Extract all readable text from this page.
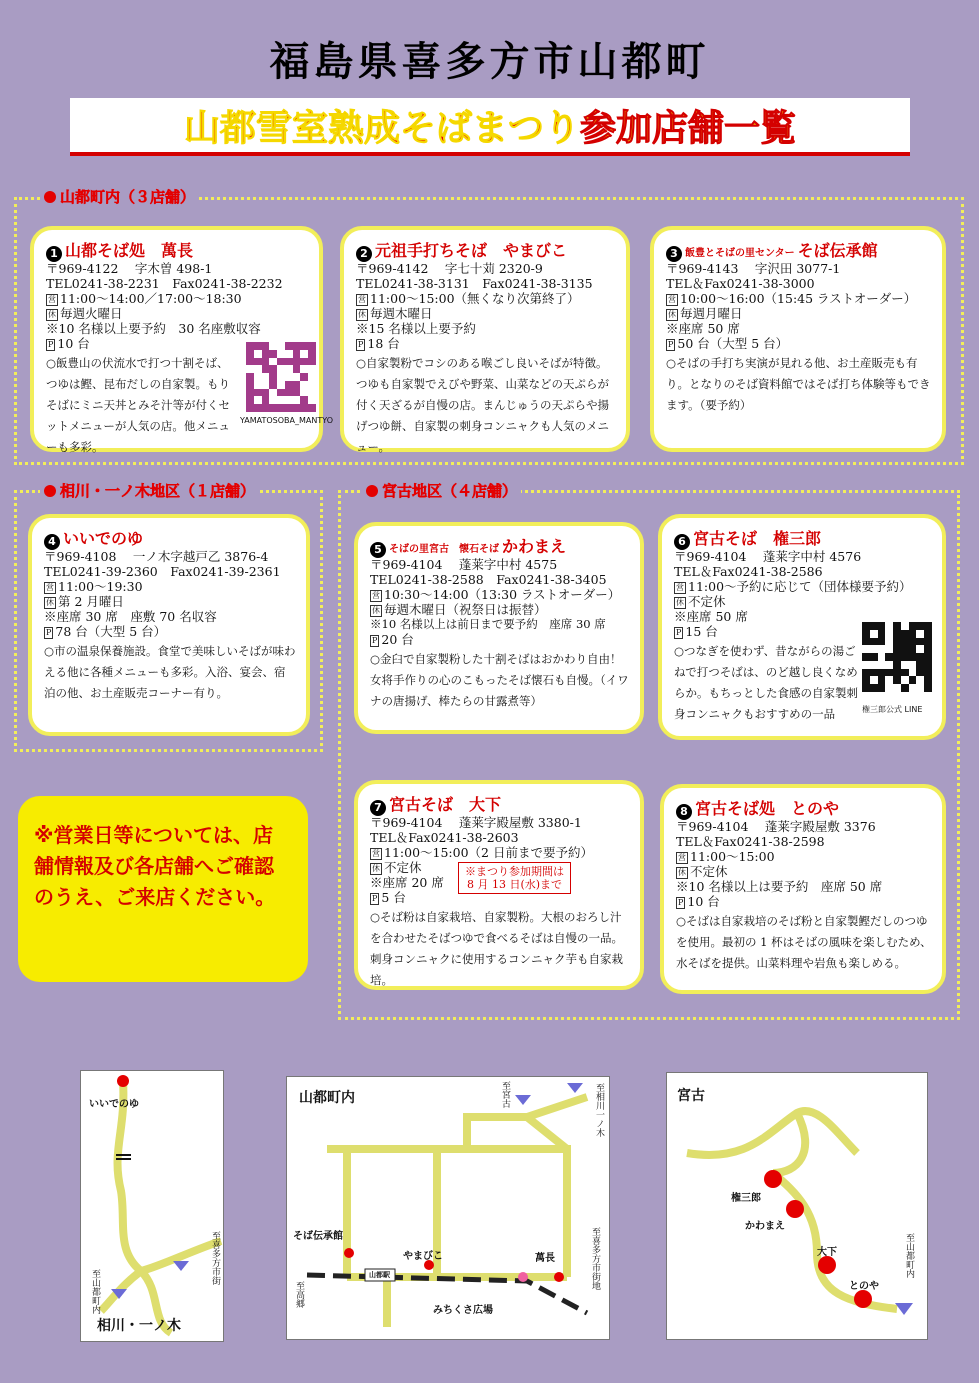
福島県喜多方市山都町
山都雪室熟成そばまつり 参加店舗一覧
山都町内（３店舗）
1 山都そば処　萬長
〒969-4122　 字木曽 498-1
TEL0241-38-2231　Fax0241-38-2232
営 11:00～14:00／17:00～18:30
休 毎週火曜日
※10 名様以上要予約　30 名座敷収容
P 10 台
○飯豊山の伏流水で打つ十割そば、つゆは鰹、昆布だしの自家製。もりそばにミニ天丼とみそ汁等が付くセットメニューが人気の店。他メニューも多彩。
YAMATOSOBA_MANTYO
2 元祖手打ちそば　やまびこ
〒969-4142　 字七十苅 2320-9
TEL0241-38-3131　Fax0241-38-3135
営 11:00～15:00（無くなり次第終了）
休 毎週木曜日
※15 名様以上要予約
P 18 台
○自家製粉でコシのある喉ごし良いそばが特徴。つゆも自家製でえびや野菜、山菜などの天ぷらが付く天ざるが自慢の店。まんじゅうの天ぷらや揚げつゆ餅、自家製の刺身コンニャクも人気のメニュー。
3 飯豊とそばの里センター そば伝承館
〒969-4143　 字沢田 3077-1
TEL＆Fax0241-38-3000
営 10:00～16:00（15:45 ラストオーダー）
休 毎週月曜日
※座席 50 席
P 50 台（大型 5 台）
○そばの手打ち実演が見れる他、お土産販売も有り。となりのそば資料館ではそば打ち体験等もできます。（要予約）
相川・一ノ木地区（１店舗）
4 いいでのゆ
〒969-4108　 一ノ木字越戸乙 3876-4
TEL0241-39-2360　Fax0241-39-2361
営 11:00～19:30
休 第 2 月曜日
※座席 30 席　座敷 70 名収容
P 78 台（大型 5 台）
○市の温泉保養施設。食堂で美味しいそばが味わえる他に各種メニューも多彩。入浴、宴会、宿泊の他、お土産販売コーナー有り。
宮古地区（４店舗）
5 そばの里宮古　懐石そば かわまえ
〒969-4104　 蓬莱字中村 4575
TEL0241-38-2588　Fax0241-38-3405
営 10:30～14:00（13:30 ラストオーダー）
休 毎週木曜日（祝祭日は振替）
※10 名様以上は前日まで要予約　座席 30 席
P 20 台
○金臼で自家製粉した十割そばはおかわり自由！女将手作りの心のこもったそば懐石も自慢。（イワナの唐揚げ、棒たらの甘露煮等）
6 宮古そば　権三郎
〒969-4104　 蓬莱字中村 4576
TEL＆Fax0241-38-2586
営 11:00～予約に応じて（団体様要予約）
休 不定休
※座席 50 席
P 15 台
○つなぎを使わず、昔ながらの湯ごねで打つそばは、のど越し良くなめらか。もちっとした食感の自家製刺身コンニャクもおすすめの一品	権三郎公式 LINE
7 宮古そば　大下
〒969-4104　 蓬莱字殿屋敷 3380-1
TEL＆Fax0241-38-2603
営 11:00～15:00（2 日前まで要予約）
休 不定休
※座席 20 席
P 5 台
○そば粉は自家栽培、自家製粉。大根のおろし汁を合わせたそばつゆで食べるそばは自慢の一品。刺身コンニャクに使用するコンニャク芋も自家栽培。
※まつり参加期間は
8 月 13 日(水)まで
8 宮古そば処　とのや
〒969-4104　 蓬莱字殿屋敷 3376
TEL＆Fax0241-38-2598
営 11:00～15:00
休 不定休
※10 名様以上は要予約　座席 50 席
P 10 台
○そばは自家栽培のそば粉と自家製鰹だしのつゆを使用。最初の 1 杯はそばの風味を楽しむため、水そばを提供。山菜料理や岩魚も楽しめる。
※営業日等については、店舗情報及び各店舗へご確認のうえ、ご来店ください。
いいでのゆ
至山都町内
至喜多方市街
相川・一ノ木
山都町内
そば伝承館
やまびこ	萬長
みちくさ広場
山都駅
至宮古	至相川一ノ木
至高郷
至喜多方市街地
宮古
権三郎
かわまえ
大下
とのや
至山都町内
